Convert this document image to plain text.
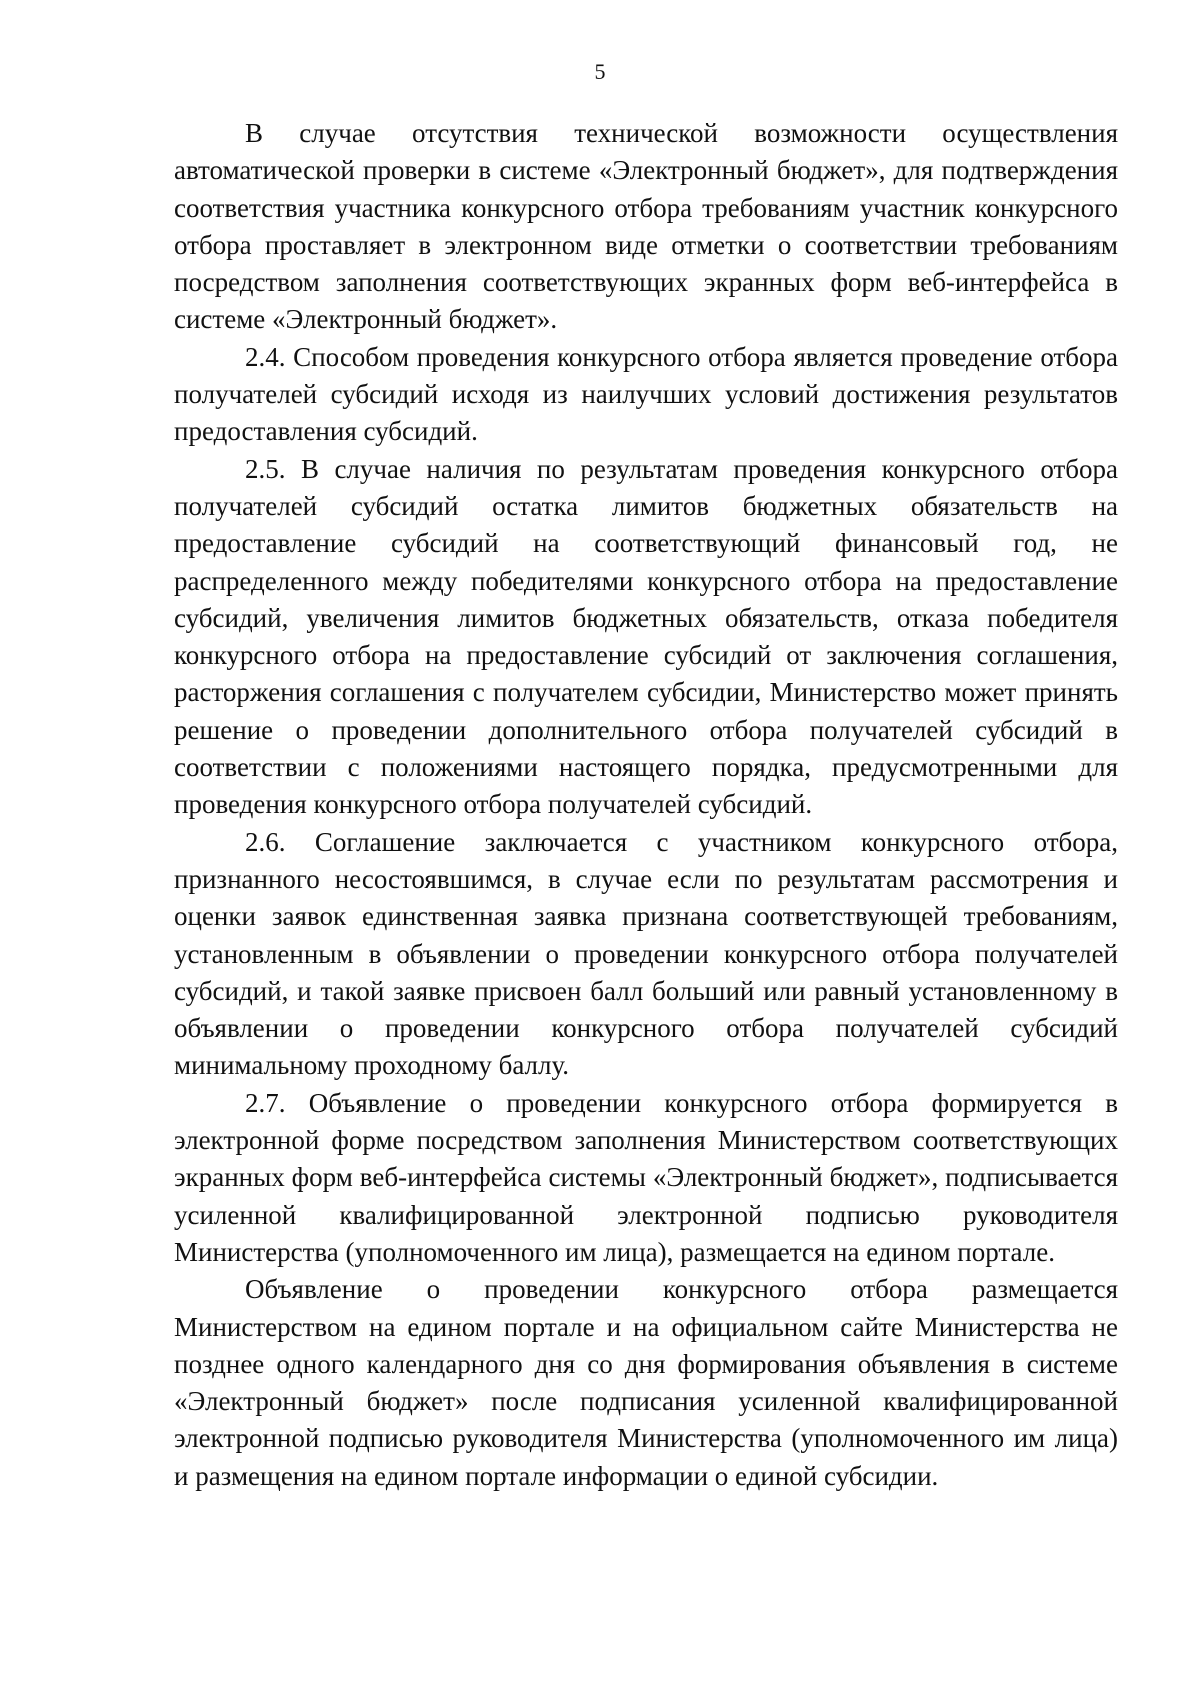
5

В случае отсутствия технической возможности осуществления автоматической проверки в системе «Электронный бюджет», для подтверждения соответствия участника конкурсного отбора требованиям участник конкурсного отбора проставляет в электронном виде отметки о соответствии требованиям посредством заполнения соответствующих экранных форм веб-интерфейса в системе «Электронный бюджет».

2.4. Способом проведения конкурсного отбора является проведение отбора получателей субсидий исходя из наилучших условий достижения результатов предоставления субсидий.

2.5. В случае наличия по результатам проведения конкурсного отбора получателей субсидий остатка лимитов бюджетных обязательств на предоставление субсидий на соответствующий финансовый год, не распределенного между победителями конкурсного отбора на предоставление субсидий, увеличения лимитов бюджетных обязательств, отказа победителя конкурсного отбора на предоставление субсидий от заключения соглашения, расторжения соглашения с получателем субсидии, Министерство может принять решение о проведении дополнительного отбора получателей субсидий в соответствии с положениями настоящего порядка, предусмотренными для проведения конкурсного отбора получателей субсидий.

2.6. Соглашение заключается с участником конкурсного отбора, признанного несостоявшимся, в случае если по результатам рассмотрения и оценки заявок единственная заявка признана соответствующей требованиям, установленным в объявлении о проведении конкурсного отбора получателей субсидий, и такой заявке присвоен балл больший или равный установленному в объявлении о проведении конкурсного отбора получателей субсидий минимальному проходному баллу.

2.7. Объявление о проведении конкурсного отбора формируется в электронной форме посредством заполнения Министерством соответствующих экранных форм веб-интерфейса системы «Электронный бюджет», подписывается усиленной квалифицированной электронной подписью руководителя Министерства (уполномоченного им лица), размещается на едином портале.

Объявление о проведении конкурсного отбора размещается Министерством на едином портале и на официальном сайте Министерства не позднее одного календарного дня со дня формирования объявления в системе «Электронный бюджет» после подписания усиленной квалифицированной электронной подписью руководителя Министерства (уполномоченного им лица) и размещения на едином портале информации о единой субсидии.
